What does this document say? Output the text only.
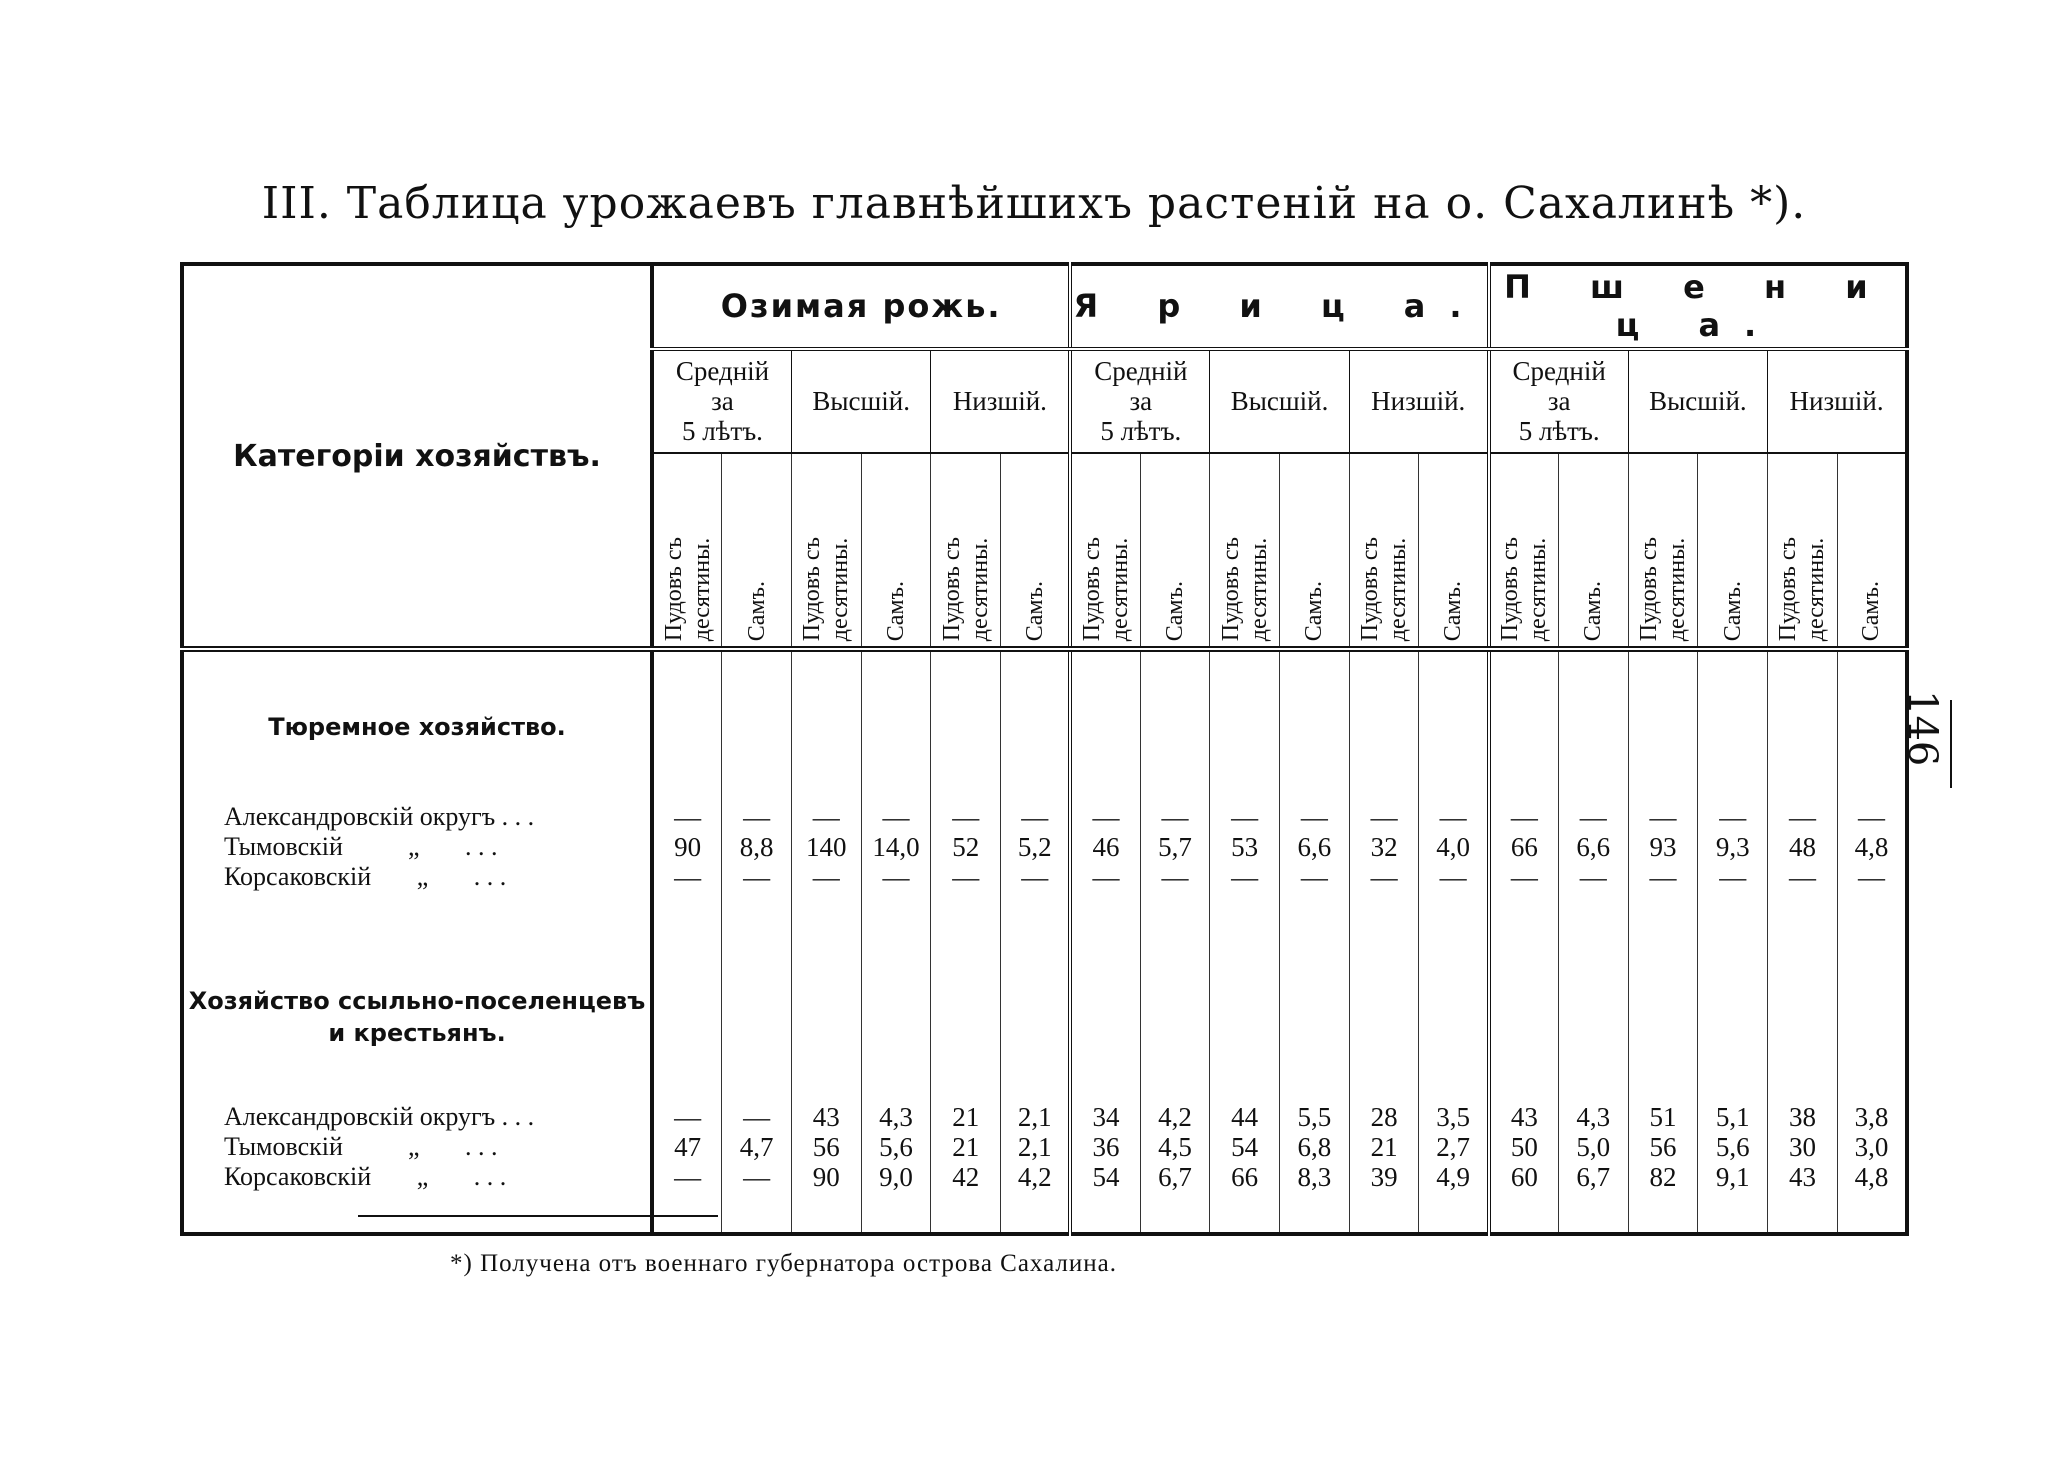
III. Таблица урожаевъ главнѣйшихъ растенiй на о. Сахалинѣ *).
Категорiи хозяйствъ.	Озимая рожь.						Я р и ц а.						П ш е н и ц а.					
	Среднiй
за
5 лѣтъ.		Высшiй.		Низшiй.		Среднiй
за
5 лѣтъ.		Высшiй.		Низшiй.		Среднiй
за
5 лѣтъ.		Высшiй.		Низшiй.	
	Пудовъ съ
десятины.	Самъ.	Пудовъ съ
десятины.	Самъ.	Пудовъ съ
десятины.	Самъ.	Пудовъ съ
десятины.	Самъ.	Пудовъ съ
десятины.	Самъ.	Пудовъ съ
десятины.	Самъ.	Пудовъ съ
десятины.	Самъ.	Пудовъ съ
десятины.	Самъ.	Пудовъ съ
десятины.	Самъ.
Тюремное хозяйство.																		
Александровскiй округъ . . .	—	—	—	—	—	—	—	—	—	—	—	—	—	—	—	—	—	—
Тымовскiй          „       . . .	90	8,8	140	14,0	52	5,2	46	5,7	53	6,6	32	4,0	66	6,6	93	9,3	48	4,8
Корсаковскiй       „       . . .	—	—	—	—	—	—	—	—	—	—	—	—	—	—	—	—	—	—

Хозяйство ссыльно-поселенцевъ
и крестьянъ.																		
Александровскiй округъ . . .	—	—	43	4,3	21	2,1	34	4,2	44	5,5	28	3,5	43	4,3	51	5,1	38	3,8
Тымовскiй          „       . . .	47	4,7	56	5,6	21	2,1	36	4,5	54	6,8	21	2,7	50	5,0	56	5,6	30	3,0
Корсаковскiй       „       . . .	—	—	90	9,0	42	4,2	54	6,7	66	8,3	39	4,9	60	6,7	82	9,1	43	4,8

*) Получена отъ военнаго губернатора острова Сахалина.
146
